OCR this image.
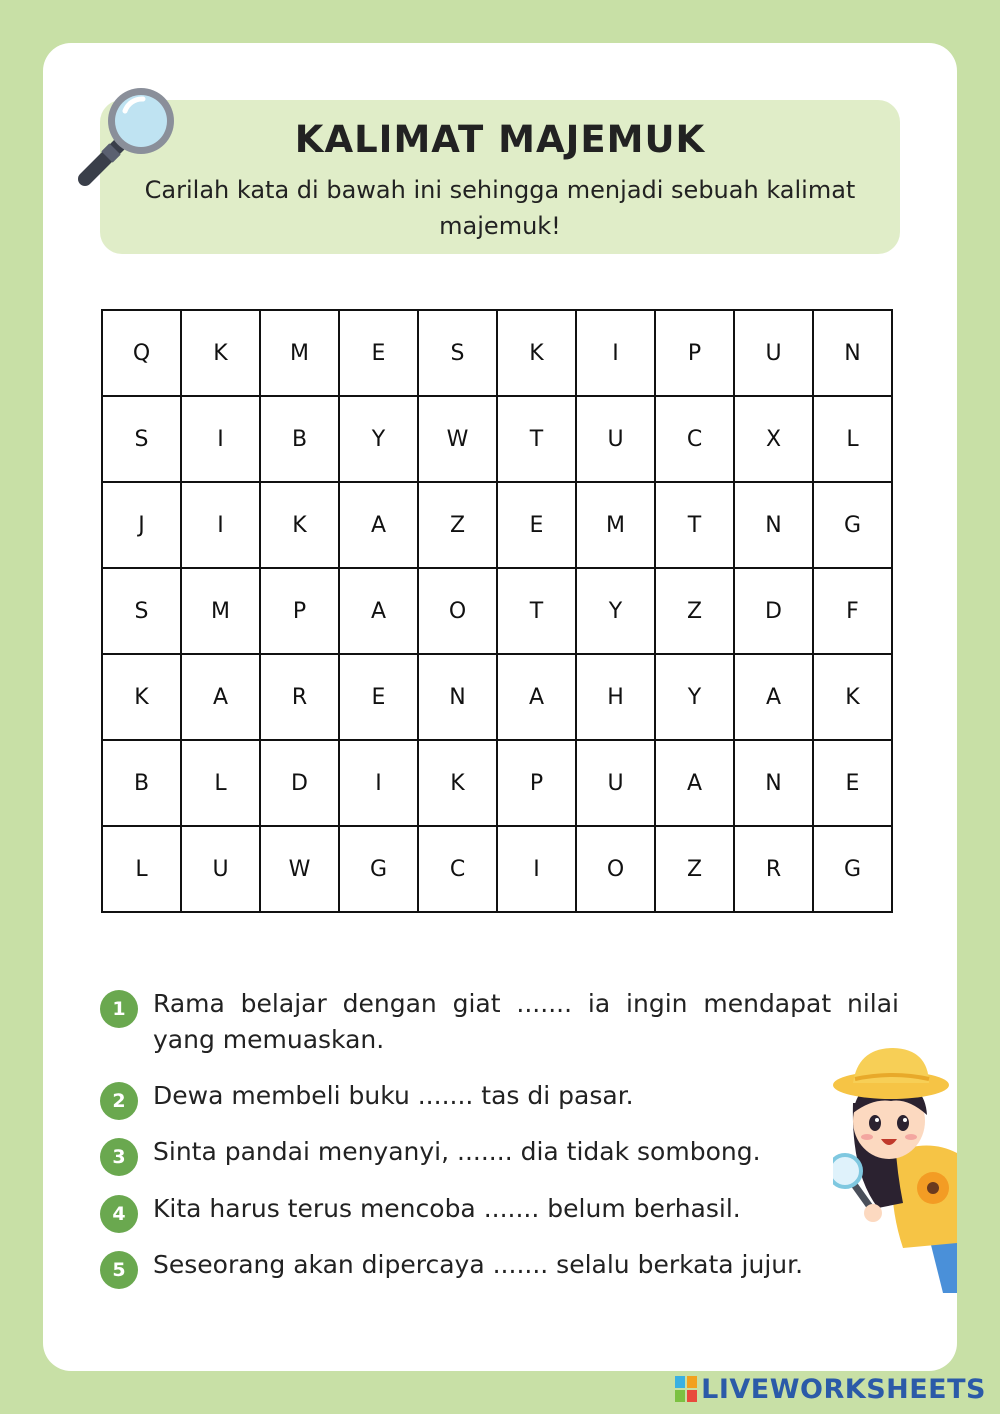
KALIMAT MAJEMUK
Carilah kata di bawah ini sehingga menjadi sebuah kalimat majemuk!
Q	K	M	E	S	K	I	P	U	N
S	I	B	Y	W	T	U	C	X	L
J	I	K	A	Z	E	M	T	N	G
S	M	P	A	O	T	Y	Z	D	F
K	A	R	E	N	A	H	Y	A	K
B	L	D	I	K	P	U	A	N	E
L	U	W	G	C	I	O	Z	R	G
1	Rama belajar dengan giat ....... ia ingin mendapat nilai yang memuaskan.
2	Dewa membeli buku ....... tas di pasar.
3	Sinta pandai menyanyi, ....... dia tidak sombong.
4	Kita harus terus mencoba ....... belum berhasil.
5	Seseorang akan dipercaya ....... selalu berkata jujur.
LIVEWORKSHEETS
